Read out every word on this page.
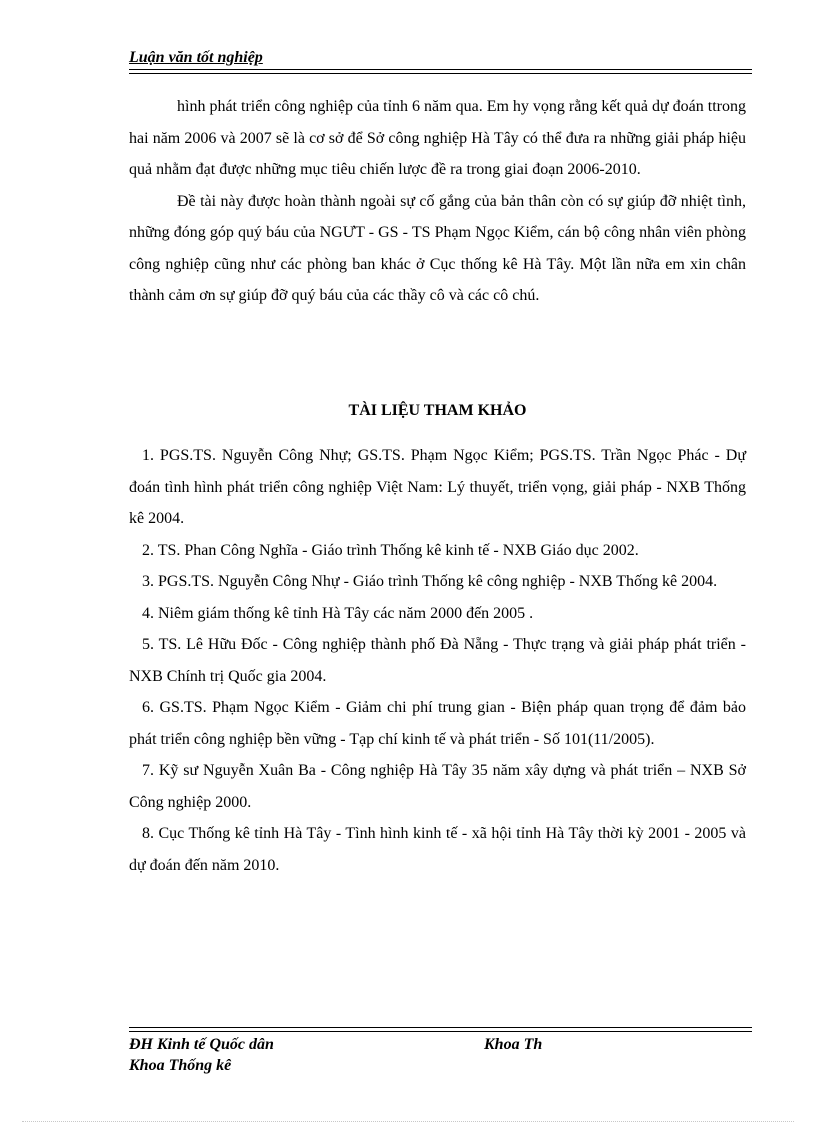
Luận văn tốt nghiệp

hình phát triển công nghiệp của tỉnh 6 năm qua. Em hy vọng rằng kết quả dự đoán ttrong hai năm 2006 và 2007 sẽ là cơ sở để Sở công nghiệp Hà Tây có thể đưa ra những giải pháp hiệu quả nhằm đạt được những mục tiêu chiến lược đề ra trong giai đoạn 2006-2010.

Đề tài này được hoàn thành ngoài sự cố gắng của bản thân còn có sự giúp đỡ nhiệt tình, những đóng góp quý báu của NGƯT - GS - TS Phạm Ngọc Kiểm, cán bộ công nhân viên phòng công nghiệp cũng như các phòng ban khác ở Cục thống kê Hà Tây. Một lần nữa em xin chân thành cảm ơn sự giúp đỡ quý báu của các thầy cô và các cô chú.

TÀI LIỆU THAM KHẢO
1. PGS.TS. Nguyễn Công Nhự; GS.TS. Phạm Ngọc Kiểm; PGS.TS. Trần Ngọc Phác - Dự đoán tình hình phát triển công nghiệp Việt Nam: Lý thuyết, triển vọng, giải pháp - NXB Thống kê 2004.
2. TS. Phan Công Nghĩa - Giáo trình Thống kê kinh tế - NXB Giáo dục 2002.
3. PGS.TS. Nguyễn Công Nhự - Giáo trình Thống kê công nghiệp - NXB Thống kê 2004.
4. Niêm giám thống kê tỉnh Hà Tây các năm 2000 đến 2005 .
5. TS. Lê Hữu Đốc - Công nghiệp thành phố Đà Nẵng - Thực trạng và giải pháp phát triển - NXB Chính trị Quốc gia 2004.
6. GS.TS. Phạm Ngọc Kiểm - Giảm chi phí trung gian - Biện pháp quan trọng để đảm bảo phát triển công nghiệp bền vững - Tạp chí kinh tế và phát triển - Số 101(11/2005).
7. Kỹ sư Nguyễn Xuân Ba - Công nghiệp Hà Tây 35 năm xây dựng và phát triển – NXB Sở Công nghiệp 2000.
8. Cục Thống kê tỉnh Hà Tây - Tình hình kinh tế - xã hội tỉnh Hà Tây thời kỳ 2001 - 2005 và dự đoán đến năm 2010.
ĐH Kinh tế Quốc dân
Khoa Thống kê
Khoa Th
